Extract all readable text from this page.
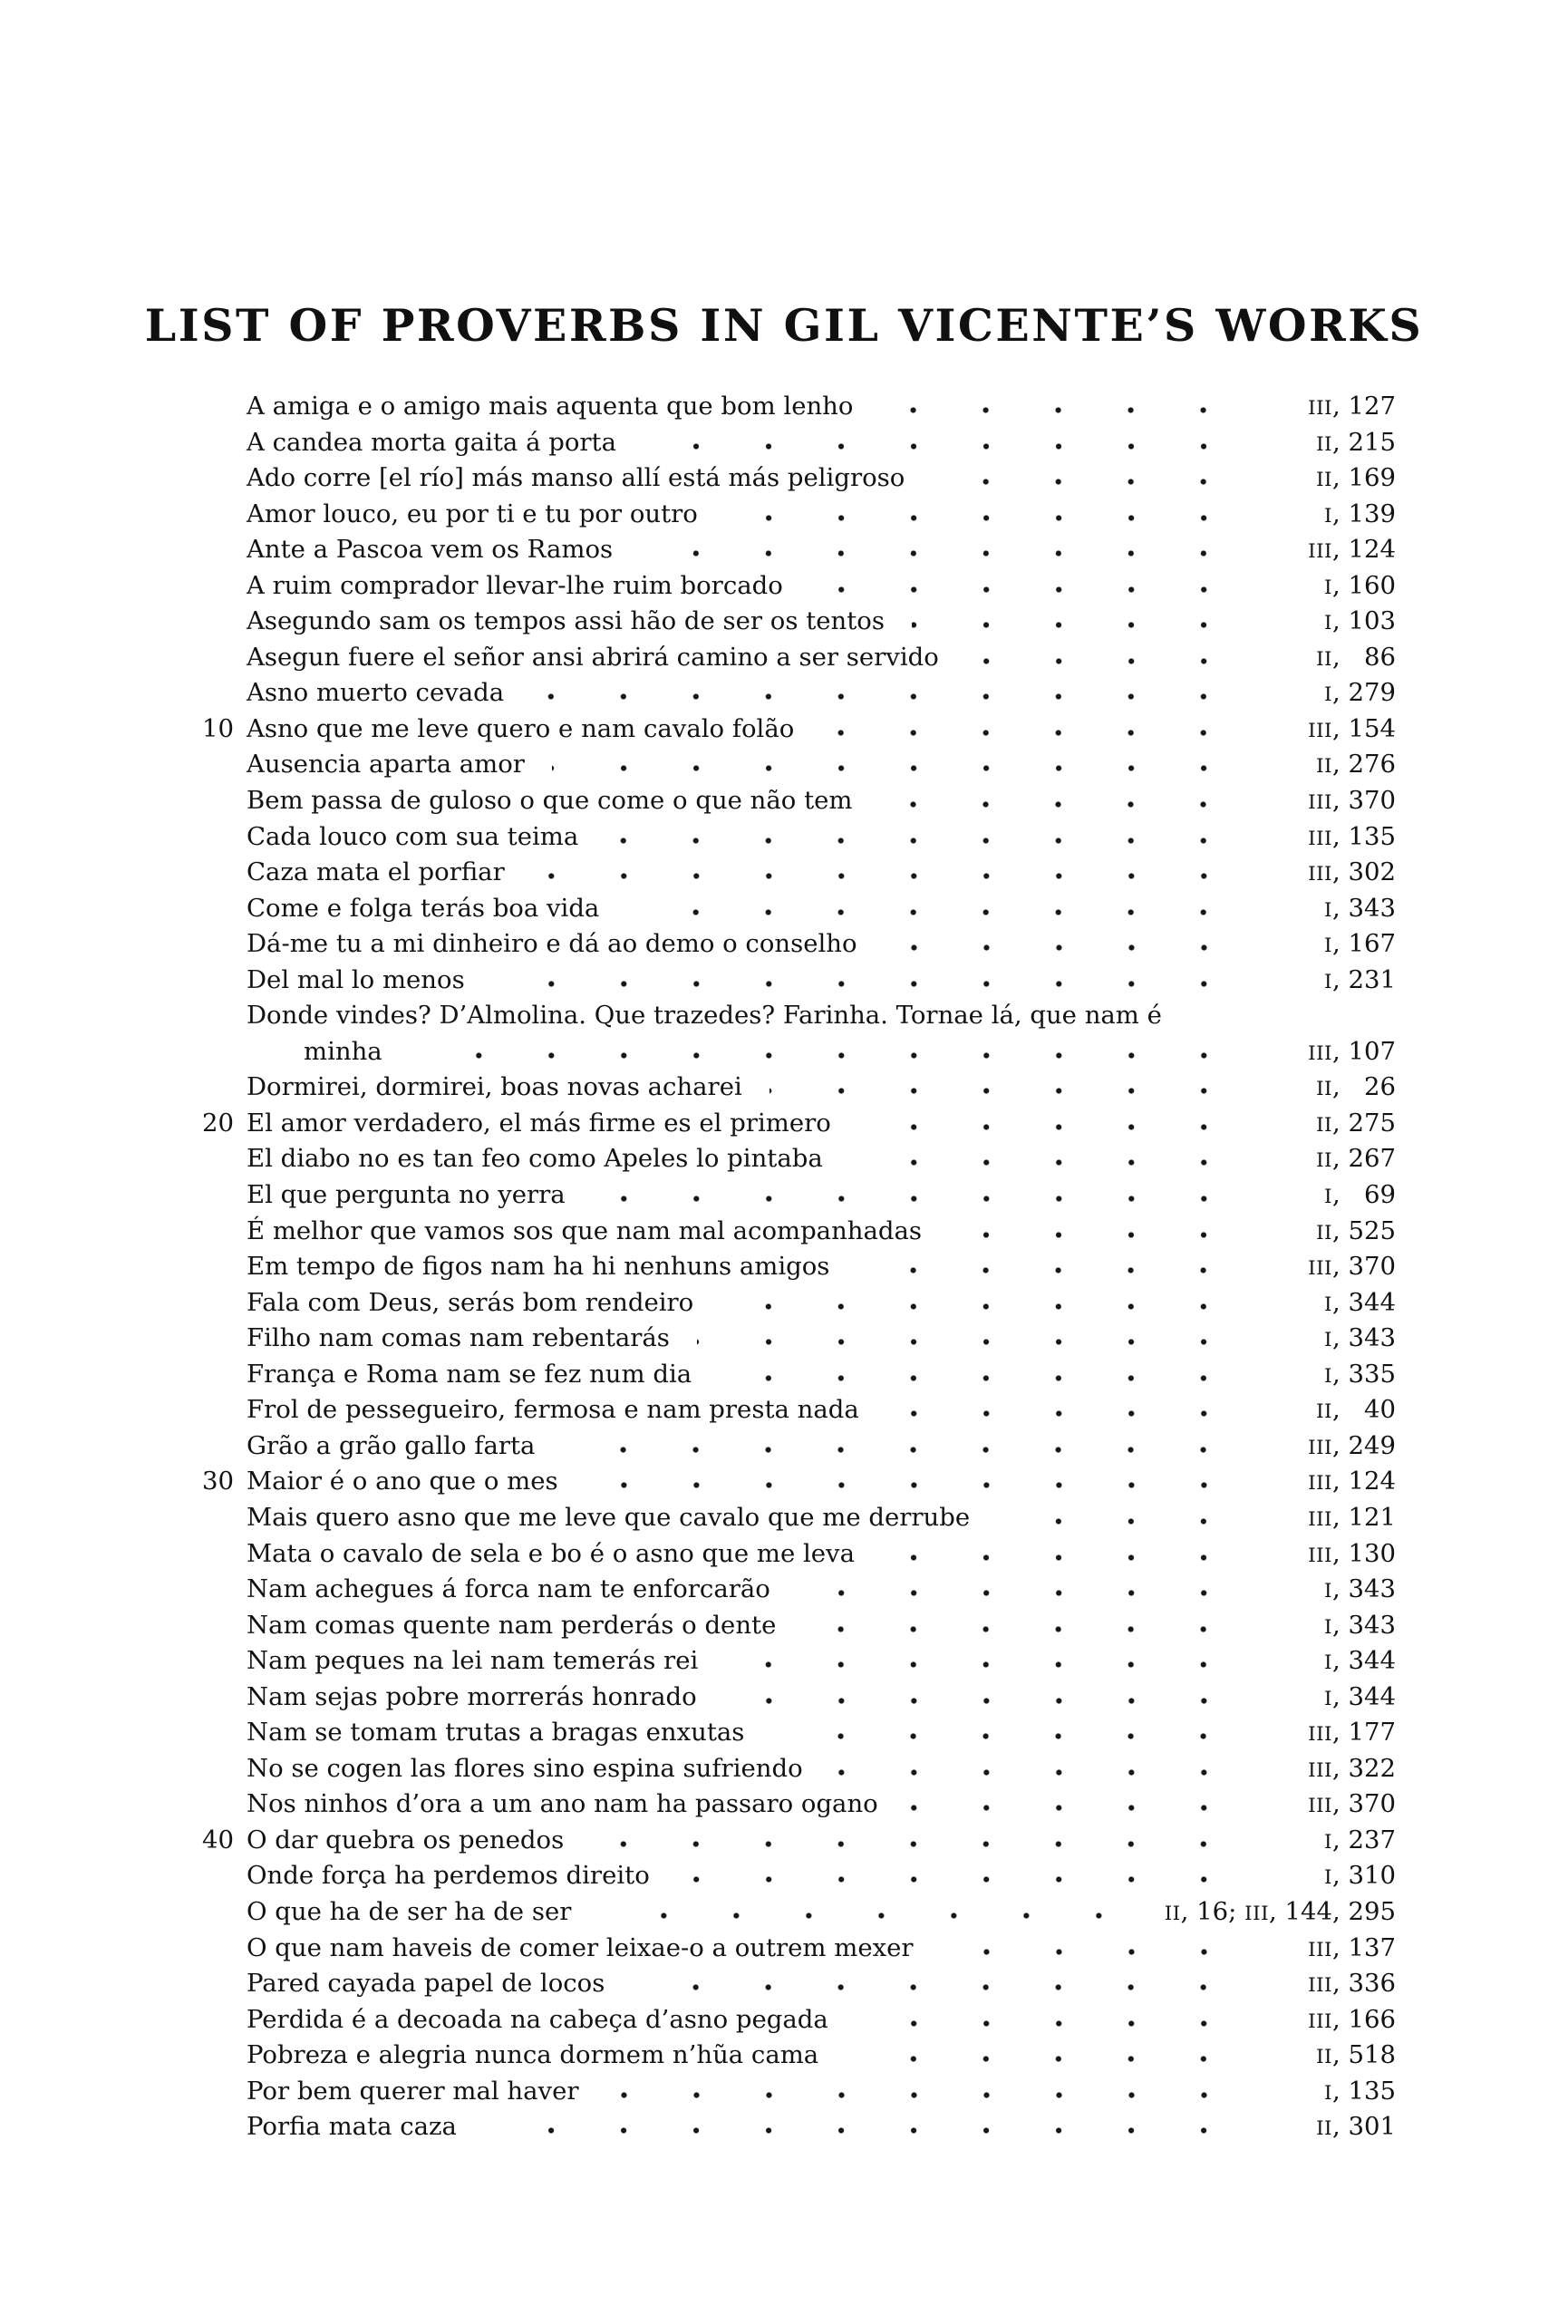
LIST OF PROVERBS IN GIL VICENTE’S WORKS
A amiga e o amigo mais aquenta que bom lenho	III, 127
A candea morta gaita á porta	II, 215
Ado corre [el río] más manso allí está más peligroso	II, 169
Amor louco, eu por ti e tu por outro	I, 139
Ante a Pascoa vem os Ramos	III, 124
A ruim comprador llevar-lhe ruim borcado	I, 160
Asegundo sam os tempos assi hão de ser os tentos	I, 103
Asegun fuere el señor ansi abrirá camino a ser servido	II,  86
Asno muerto cevada	I, 279
10 Asno que me leve quero e nam cavalo folão	III, 154
Ausencia aparta amor	II, 276
Bem passa de guloso o que come o que não tem	III, 370
Cada louco com sua teima	III, 135
Caza mata el porfiar	III, 302
Come e folga terás boa vida	I, 343
Dá-me tu a mi dinheiro e dá ao demo o conselho	I, 167
Del mal lo menos	I, 231
Donde vindes? D’Almolina. Que trazedes? Farinha. Tornae lá, que nam é
minha	III, 107
Dormirei, dormirei, boas novas acharei	II,  26
20 El amor verdadero, el más firme es el primero	II, 275
El diabo no es tan feo como Apeles lo pintaba	II, 267
El que pergunta no yerra	I,  69
É melhor que vamos sos que nam mal acompanhadas	II, 525
Em tempo de figos nam ha hi nenhuns amigos	III, 370
Fala com Deus, serás bom rendeiro	I, 344
Filho nam comas nam rebentarás	I, 343
França e Roma nam se fez num dia	I, 335
Frol de pessegueiro, fermosa e nam presta nada	II,  40
Grão a grão gallo farta	III, 249
30 Maior é o ano que o mes	III, 124
Mais quero asno que me leve que cavalo que me derrube	III, 121
Mata o cavalo de sela e bo é o asno que me leva	III, 130
Nam achegues á forca nam te enforcarão	I, 343
Nam comas quente nam perderás o dente	I, 343
Nam peques na lei nam temerás rei	I, 344
Nam sejas pobre morrerás honrado	I, 344
Nam se tomam trutas a bragas enxutas	III, 177
No se cogen las flores sino espina sufriendo	III, 322
Nos ninhos d’ora a um ano nam ha passaro ogano	III, 370
40 O dar quebra os penedos	I, 237
Onde força ha perdemos direito	I, 310
O que ha de ser ha de ser	II, 16; III, 144, 295
O que nam haveis de comer leixae-o a outrem mexer	III, 137
Pared cayada papel de locos	III, 336
Perdida é a decoada na cabeça d’asno pegada	III, 166
Pobreza e alegria nunca dormem n’hũa cama	II, 518
Por bem querer mal haver	I, 135
Porfia mata caza	II, 301
